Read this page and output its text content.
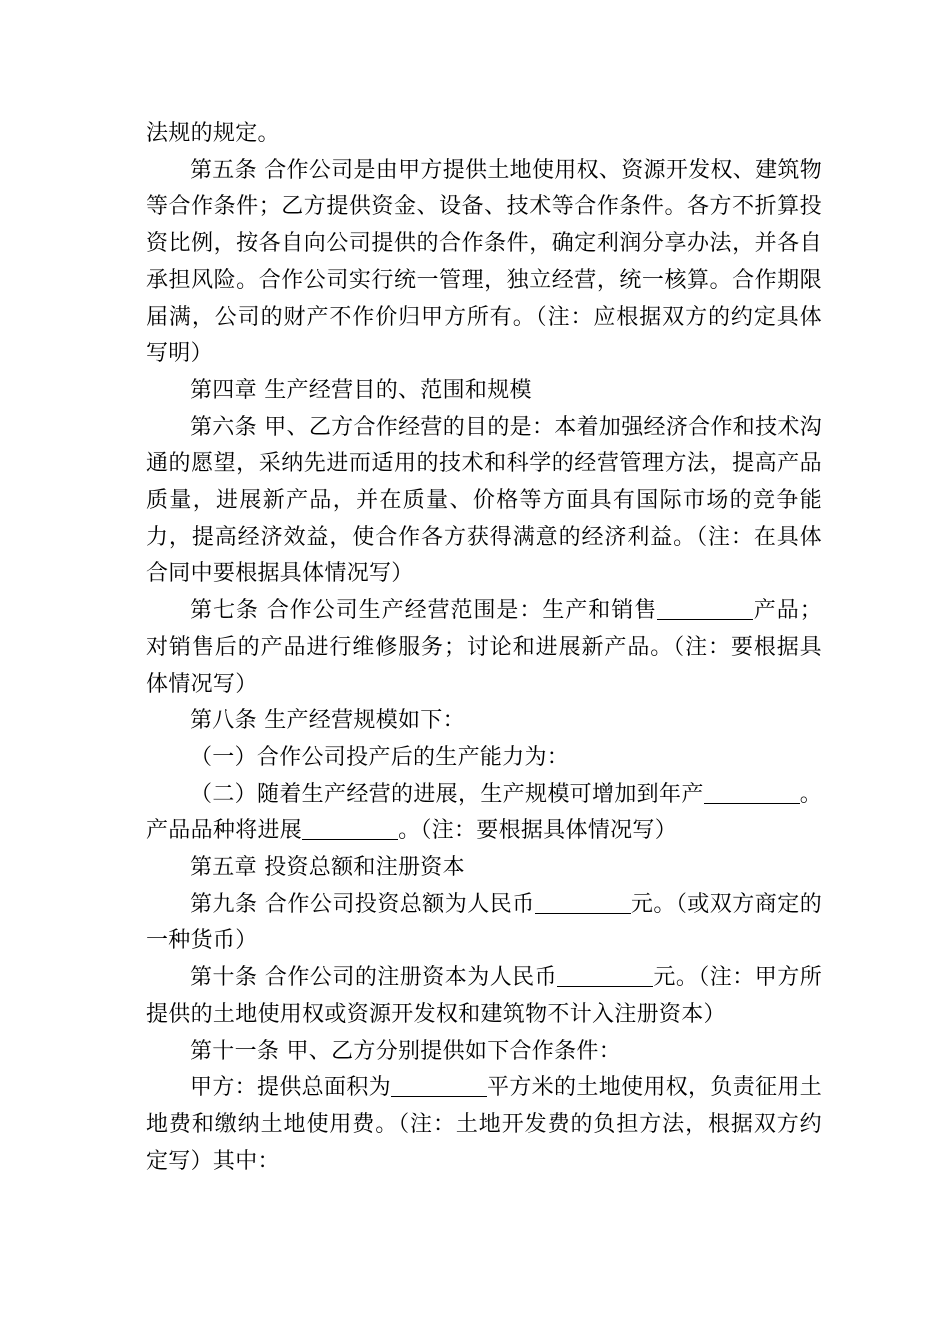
法规的规定。

第五条 合作公司是由甲方提供土地使用权、资源开发权、建筑物等合作条件；乙方提供资金、设备、技术等合作条件。各方不折算投资比例，按各自向公司提供的合作条件，确定利润分享办法，并各自承担风险。合作公司实行统一管理，独立经营，统一核算。合作期限届满，公司的财产不作价归甲方所有。（注：应根据双方的约定具体写明）

第四章 生产经营目的、范围和规模

第六条 甲、乙方合作经营的目的是：本着加强经济合作和技术沟通的愿望，采纳先进而适用的技术和科学的经营管理方法，提高产品质量，进展新产品，并在质量、价格等方面具有国际市场的竞争能力，提高经济效益，使合作各方获得满意的经济利益。（注：在具体合同中要根据具体情况写）

第七条 合作公司生产经营范围是：生产和销售	产品；对销售后的产品进行维修服务；讨论和进展新产品。（注：要根据具体情况写）

第八条 生产经营规模如下：

（一）合作公司投产后的生产能力为：

（二）随着生产经营的进展，生产规模可增加到年产	。产品品种将进展	。（注：要根据具体情况写）

第五章 投资总额和注册资本

第九条 合作公司投资总额为人民币	元。（或双方商定的一种货币）

第十条 合作公司的注册资本为人民币	元。（注：甲方所提供的土地使用权或资源开发权和建筑物不计入注册资本）

第十一条 甲、乙方分别提供如下合作条件：

甲方：提供总面积为	平方米的土地使用权，负责征用土地费和缴纳土地使用费。（注：土地开发费的负担方法，根据双方约定写）其中：
